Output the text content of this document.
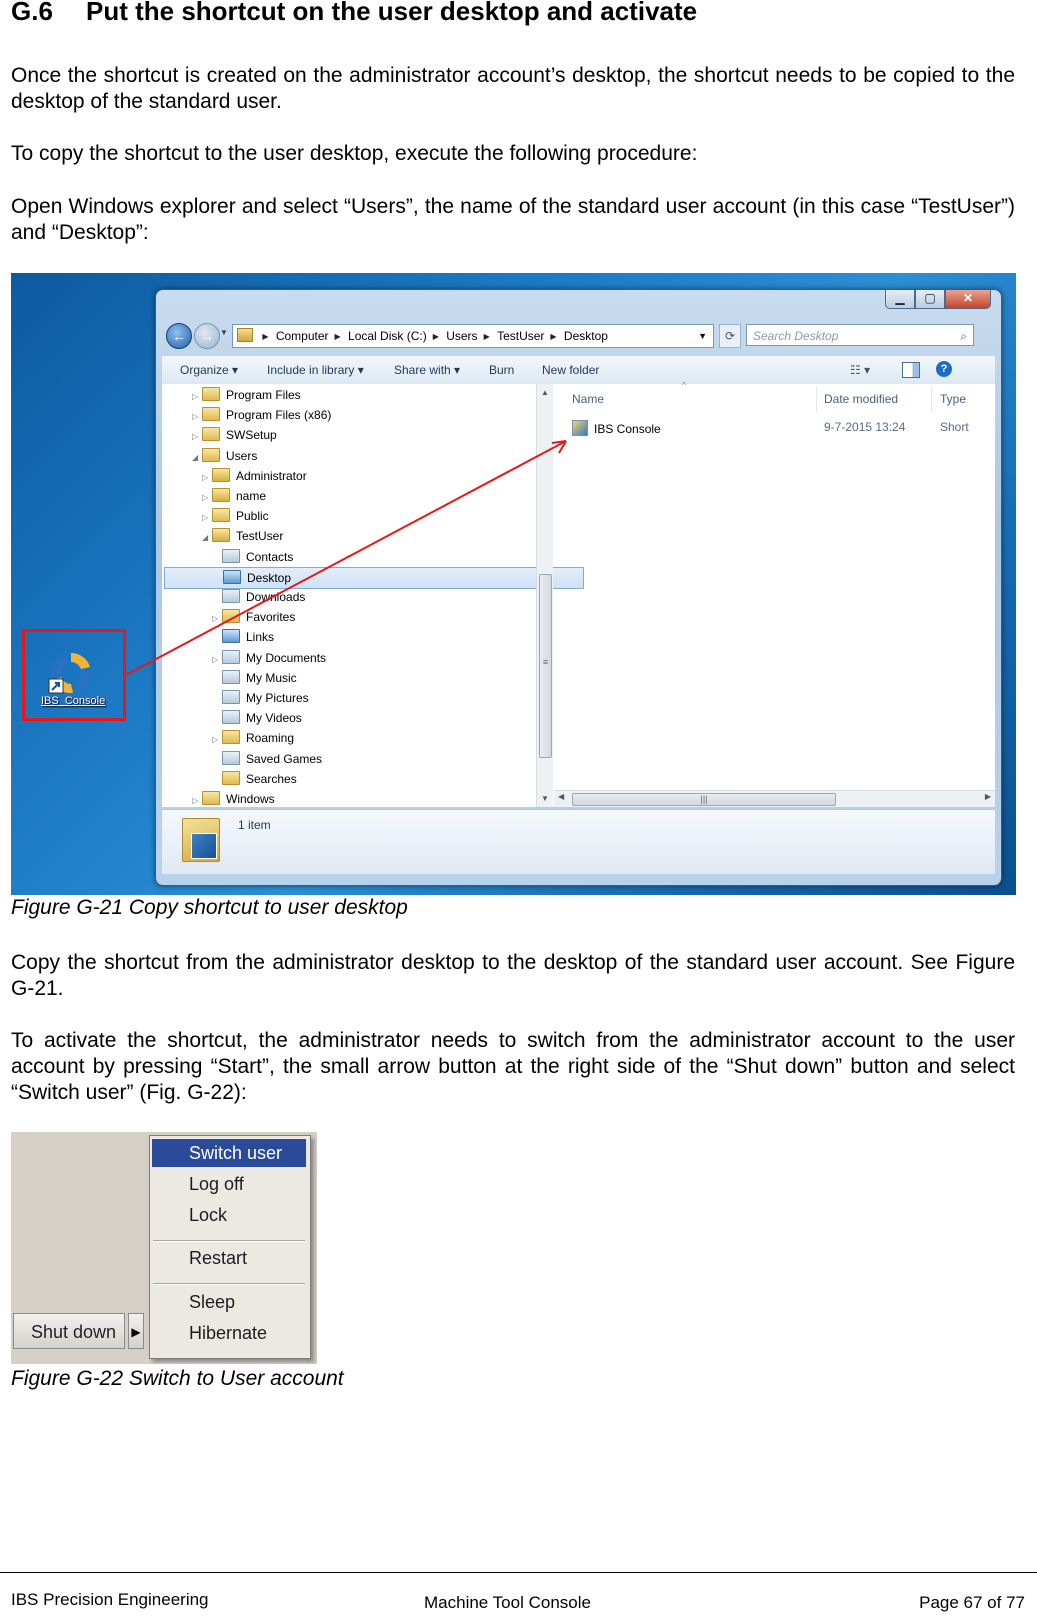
G.6 Put the shortcut on the user desktop and activate
Once the shortcut is created on the administrator account’s desktop, the shortcut needs to be copied to the desktop of the standard user.
To copy the shortcut to the user desktop, execute the following procedure:
Open Windows explorer and select “Users”, the name of the standard user account (in this case “TestUser”) and “Desktop”:
▁	▢	✕
←	→ ▼	▶ Computer ▶ Local Disk (C:) ▶ Users ▶ TestUser ▶ Desktop	▼	⟳	Search Desktop	⌕
Organize ▾ Include in library ▾	Share with ▾ Burn New folder	☷ ▾	?
▷ Program Files
▷ Program Files (x86)
▷ SWSetup
◢ Users
▷ Administrator
▷ name
▷ Public
◢ TestUser
Contacts
Desktop
Downloads
▷ Favorites
Links
▷ My Documents
My Music
My Pictures
My Videos
▷ Roaming
Saved Games
Searches
▷ Windows
▲
≡
▼
^
Name	Date modified	Type
IBS Console	9-7-2015 13:24	Short
◀	|||	▶
1 item
IBS_Console
Figure G-21 Copy shortcut to user desktop
Copy the shortcut from the administrator desktop to the desktop of the standard user account. See Figure G-21.
To activate the shortcut, the administrator needs to switch from the administrator account to the user account by pressing “Start”, the small arrow button at the right side of the “Shut down” button and select “Switch user” (Fig. G-22):
Shut down	▶
Switch user
Log off
Lock
Restart
Sleep
Hibernate
Figure G-22 Switch to User account
IBS Precision Engineering	Machine Tool Console	Page 67 of 77
